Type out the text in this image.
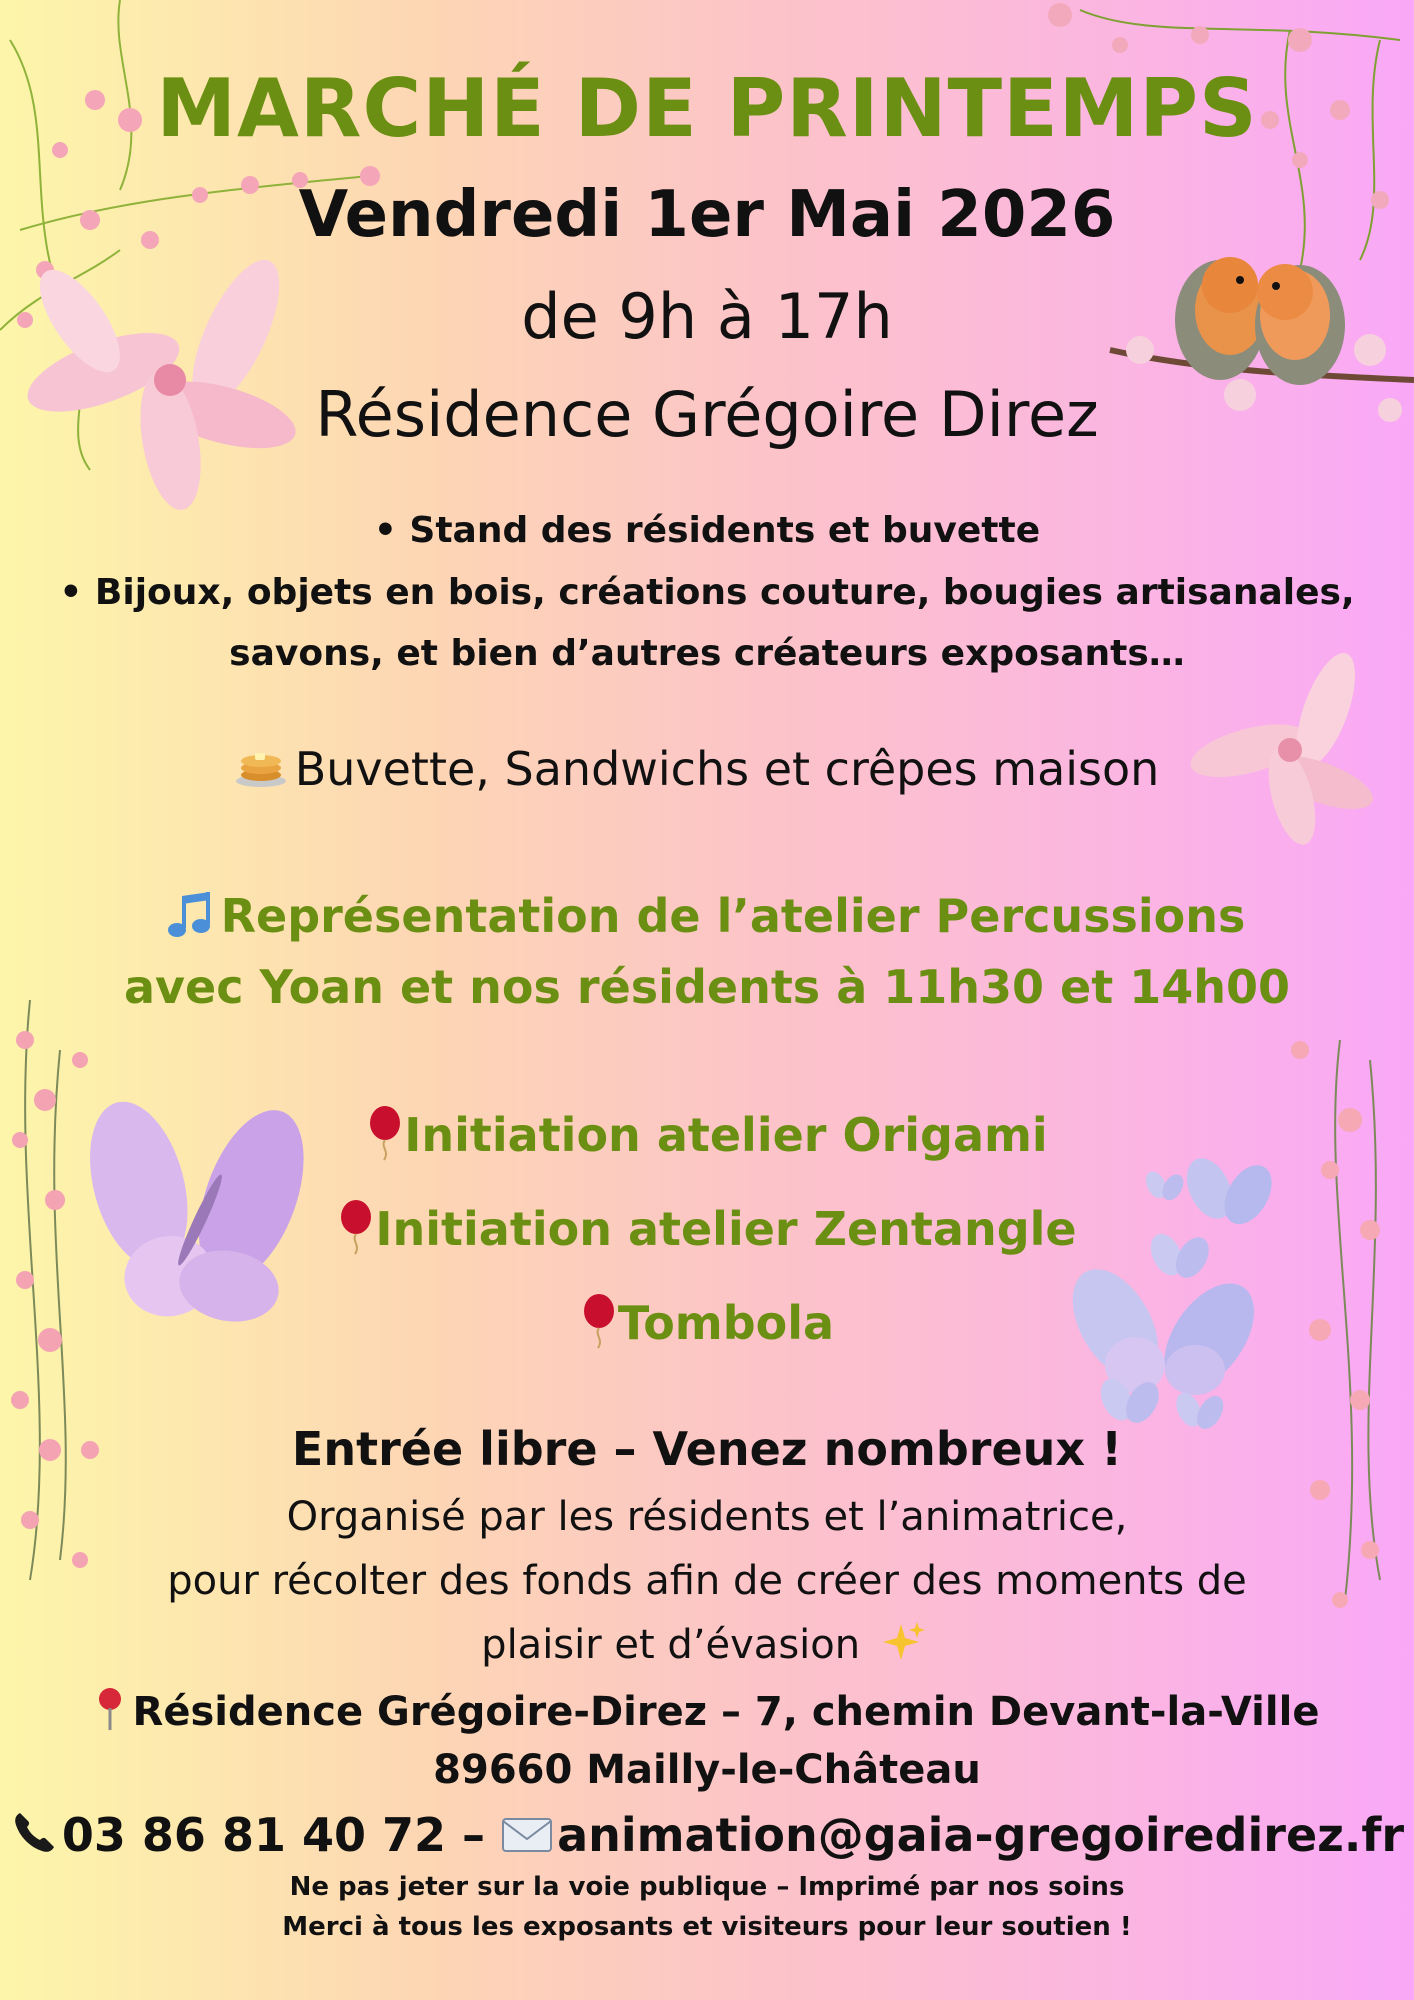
MARCHÉ DE PRINTEMPS
Vendredi 1er Mai 2026
de 9h à 17h
Résidence Grégoire Direz
• Stand des résidents et buvette
• Bijoux, objets en bois, créations couture, bougies artisanales,
savons, et bien d’autres créateurs exposants…
Buvette, Sandwichs et crêpes maison
Représentation de l’atelier Percussions
avec Yoan et nos résidents à 11h30 et 14h00
Initiation atelier Origami
Initiation atelier Zentangle
Tombola
Entrée libre – Venez nombreux !
Organisé par les résidents et l’animatrice,
pour récolter des fonds afin de créer des moments de
plaisir et d’évasion
Résidence Grégoire-Direz – 7, chemin Devant-la-Ville
89660 Mailly-le-Château
03 86 81 40 72 – animation@gaia-gregoiredirez.fr
Ne pas jeter sur la voie publique – Imprimé par nos soins
Merci à tous les exposants et visiteurs pour leur soutien !
